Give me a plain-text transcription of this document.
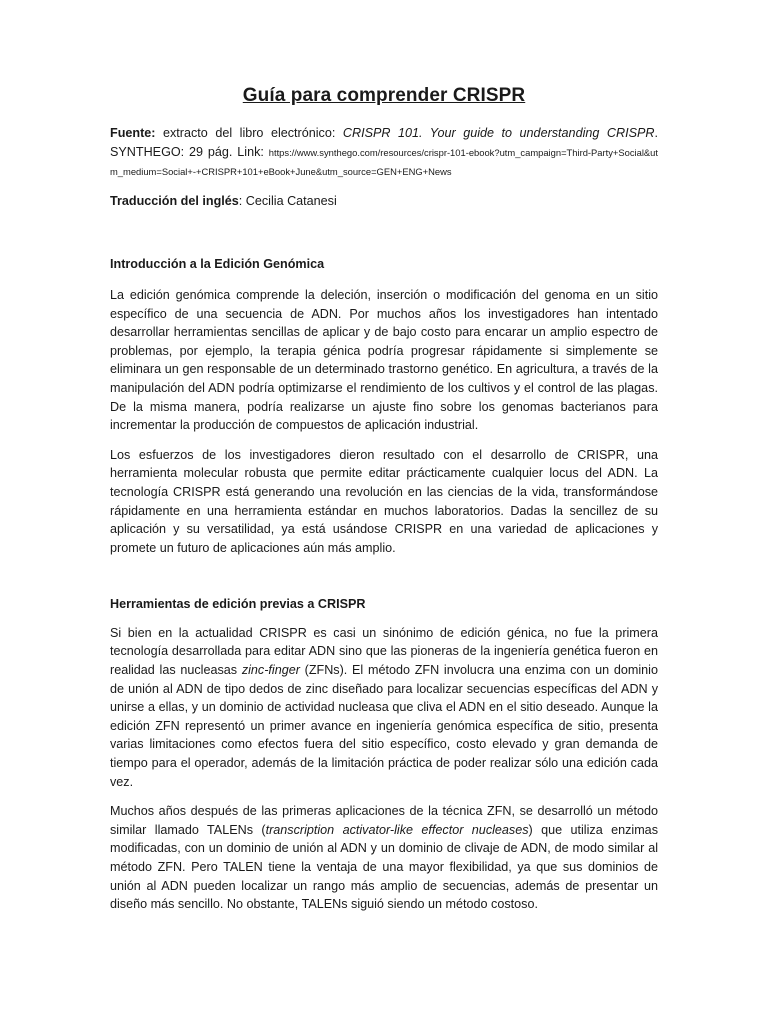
Guía para comprender CRISPR

Fuente: extracto del libro electrónico: CRISPR 101. Your guide to understanding CRISPR. SYNTHEGO: 29 pág. Link: https://www.synthego.com/resources/crispr-101-ebook?utm_campaign=Third-Party+Social&utm_medium=Social+-+CRISPR+101+eBook+June&utm_source=GEN+ENG+News

Traducción del inglés: Cecilia Catanesi

Introducción a la Edición Genómica

La edición genómica comprende la deleción, inserción o modificación del genoma en un sitio específico de una secuencia de ADN. Por muchos años los investigadores han intentado desarrollar herramientas sencillas de aplicar y de bajo costo para encarar un amplio espectro de problemas, por ejemplo, la terapia génica podría progresar rápidamente si simplemente se eliminara un gen responsable de un determinado trastorno genético. En agricultura, a través de la manipulación del ADN podría optimizarse el rendimiento de los cultivos y el control de las plagas. De la misma manera, podría realizarse un ajuste fino sobre los genomas bacterianos para incrementar la producción de compuestos de aplicación industrial.

Los esfuerzos de los investigadores dieron resultado con el desarrollo de CRISPR, una herramienta molecular robusta que permite editar prácticamente cualquier locus del ADN. La tecnología CRISPR está generando una revolución en las ciencias de la vida, transformándose rápidamente en una herramienta estándar en muchos laboratorios. Dadas la sencillez de su aplicación y su versatilidad, ya está usándose CRISPR en una variedad de aplicaciones y promete un futuro de aplicaciones aún más amplio.

Herramientas de edición previas a CRISPR

Si bien en la actualidad CRISPR es casi un sinónimo de edición génica, no fue la primera tecnología desarrollada para editar ADN sino que las pioneras de la ingeniería genética fueron en realidad las nucleasas zinc-finger (ZFNs). El método ZFN involucra una enzima con un dominio de unión al ADN de tipo dedos de zinc diseñado para localizar secuencias específicas del ADN y unirse a ellas, y un dominio de actividad nucleasa que cliva el ADN en el sitio deseado. Aunque la edición ZFN representó un primer avance en ingeniería genómica específica de sitio, presenta varias limitaciones como efectos fuera del sitio específico, costo elevado y gran demanda de tiempo para el operador, además de la limitación práctica de poder realizar sólo una edición cada vez.

Muchos años después de las primeras aplicaciones de la técnica ZFN, se desarrolló un método similar llamado TALENs (transcription activator-like effector nucleases) que utiliza enzimas modificadas, con un dominio de unión al ADN y un dominio de clivaje de ADN, de modo similar al método ZFN. Pero TALEN tiene la ventaja de una mayor flexibilidad, ya que sus dominios de unión al ADN pueden localizar un rango más amplio de secuencias, además de presentar un diseño más sencillo. No obstante, TALENs siguió siendo un método costoso.
